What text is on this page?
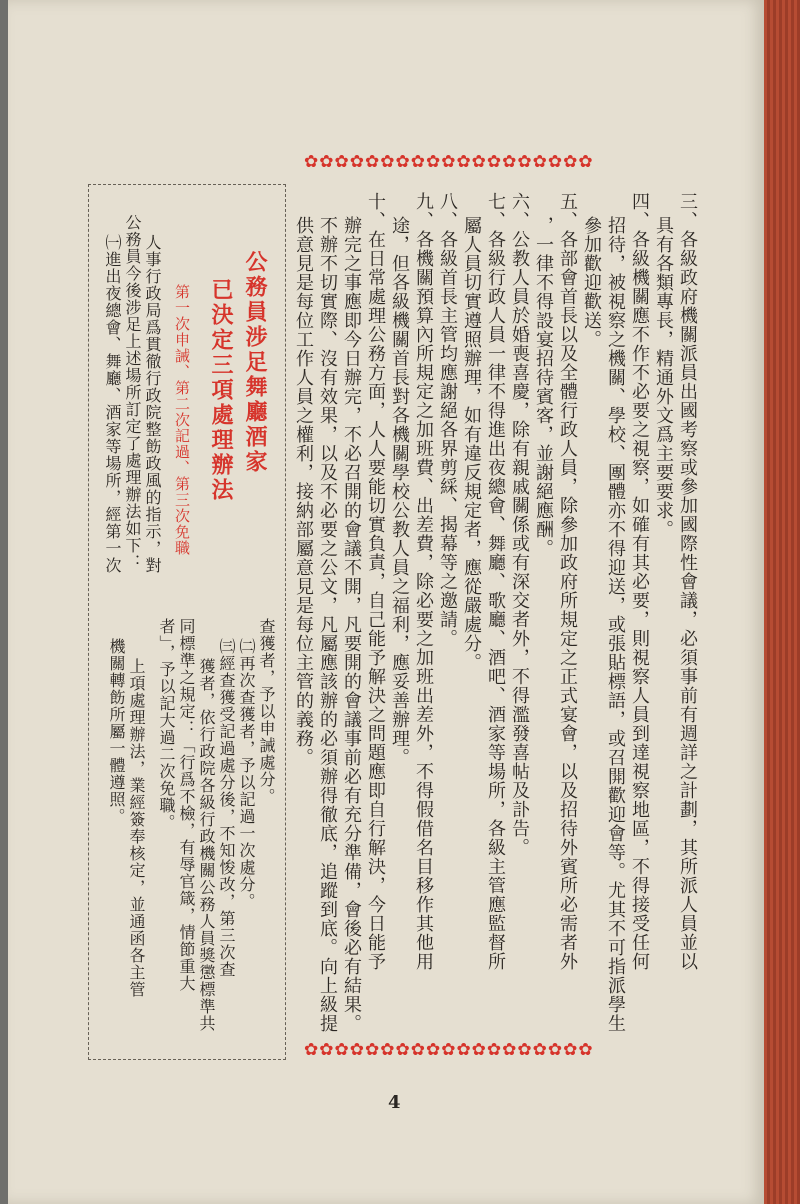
✿✿✿✿✿✿✿✿✿✿✿✿✿✿✿✿✿✿✿
✿✿✿✿✿✿✿✿✿✿✿✿✿✿✿✿✿✿✿
三、各級政府機關派員出國考察或參加國際性會議，必須事前有週詳之計劃，其所派人員並以
具有各類專長，精通外文爲主要要求。
四、各級機關應不作不必要之視察，如確有其必要，則視察人員到達視察地區，不得接受任何
招待，被視察之機關、學校、團體亦不得迎送，或張貼標語，或召開歡迎會等。尤其不可指派學生
參加歡迎歡送。
五、各部會首長以及全體行政人員，除參加政府所規定之正式宴會，以及招待外賓所必需者外
，一律不得設宴招待賓客，並謝絕應酬。
六、公教人員於婚喪喜慶，除有親戚關係或有深交者外，不得濫發喜帖及訃告。
七、各級行政人員一律不得進出夜總會、舞廳、歌廳、酒吧、酒家等場所，各級主管應監督所
屬人員切實遵照辦理，如有違反規定者，應從嚴處分。
八、各級首長主管均應謝絕各界剪綵、揭幕等之邀請。
九、各機關預算內所規定之加班費、出差費，除必要之加班出差外，不得假借名目移作其他用
途，但各級機關首長對各機關學校公教人員之福利，應妥善辦理。
十、在日常處理公務方面，人人要能切實負責，自己能予解決之問題應即自行解決，今日能予
辦完之事應即今日辦完，不必召開的會議不開，凡要開的會議事前必有充分準備，會後必有結果。
不辦不切實際、沒有效果，以及不必要之公文，凡屬應該辦的必須辦得徹底，追蹤到底。向上級提
供意見是每位工作人員之權利，接納部屬意見是每位主管的義務。
公務員涉足舞廳酒家
已決定三項處理辦法
第一次申誡、第二次記過、第三次免職
人事行政局爲貫徹行政院整飭政風的指示，對
公務員今後涉足上述場所訂定了處理辦法如下：
㈠進出夜總會、舞廳、酒家等場所，經第一次
查獲者，予以申誡處分。
㈡再次查獲者，予以記過一次處分。
㈢經查獲受記過處分後，不知悛改，第三次查
獲者，依行政院各級行政機關公務人員獎懲標準共
同標準之規定：「行爲不檢，有辱官箴，情節重大
者」，予以記大過二次免職。
上項處理辦法，業經簽奉核定，並通函各主管
機關轉飭所屬一體遵照。
4
